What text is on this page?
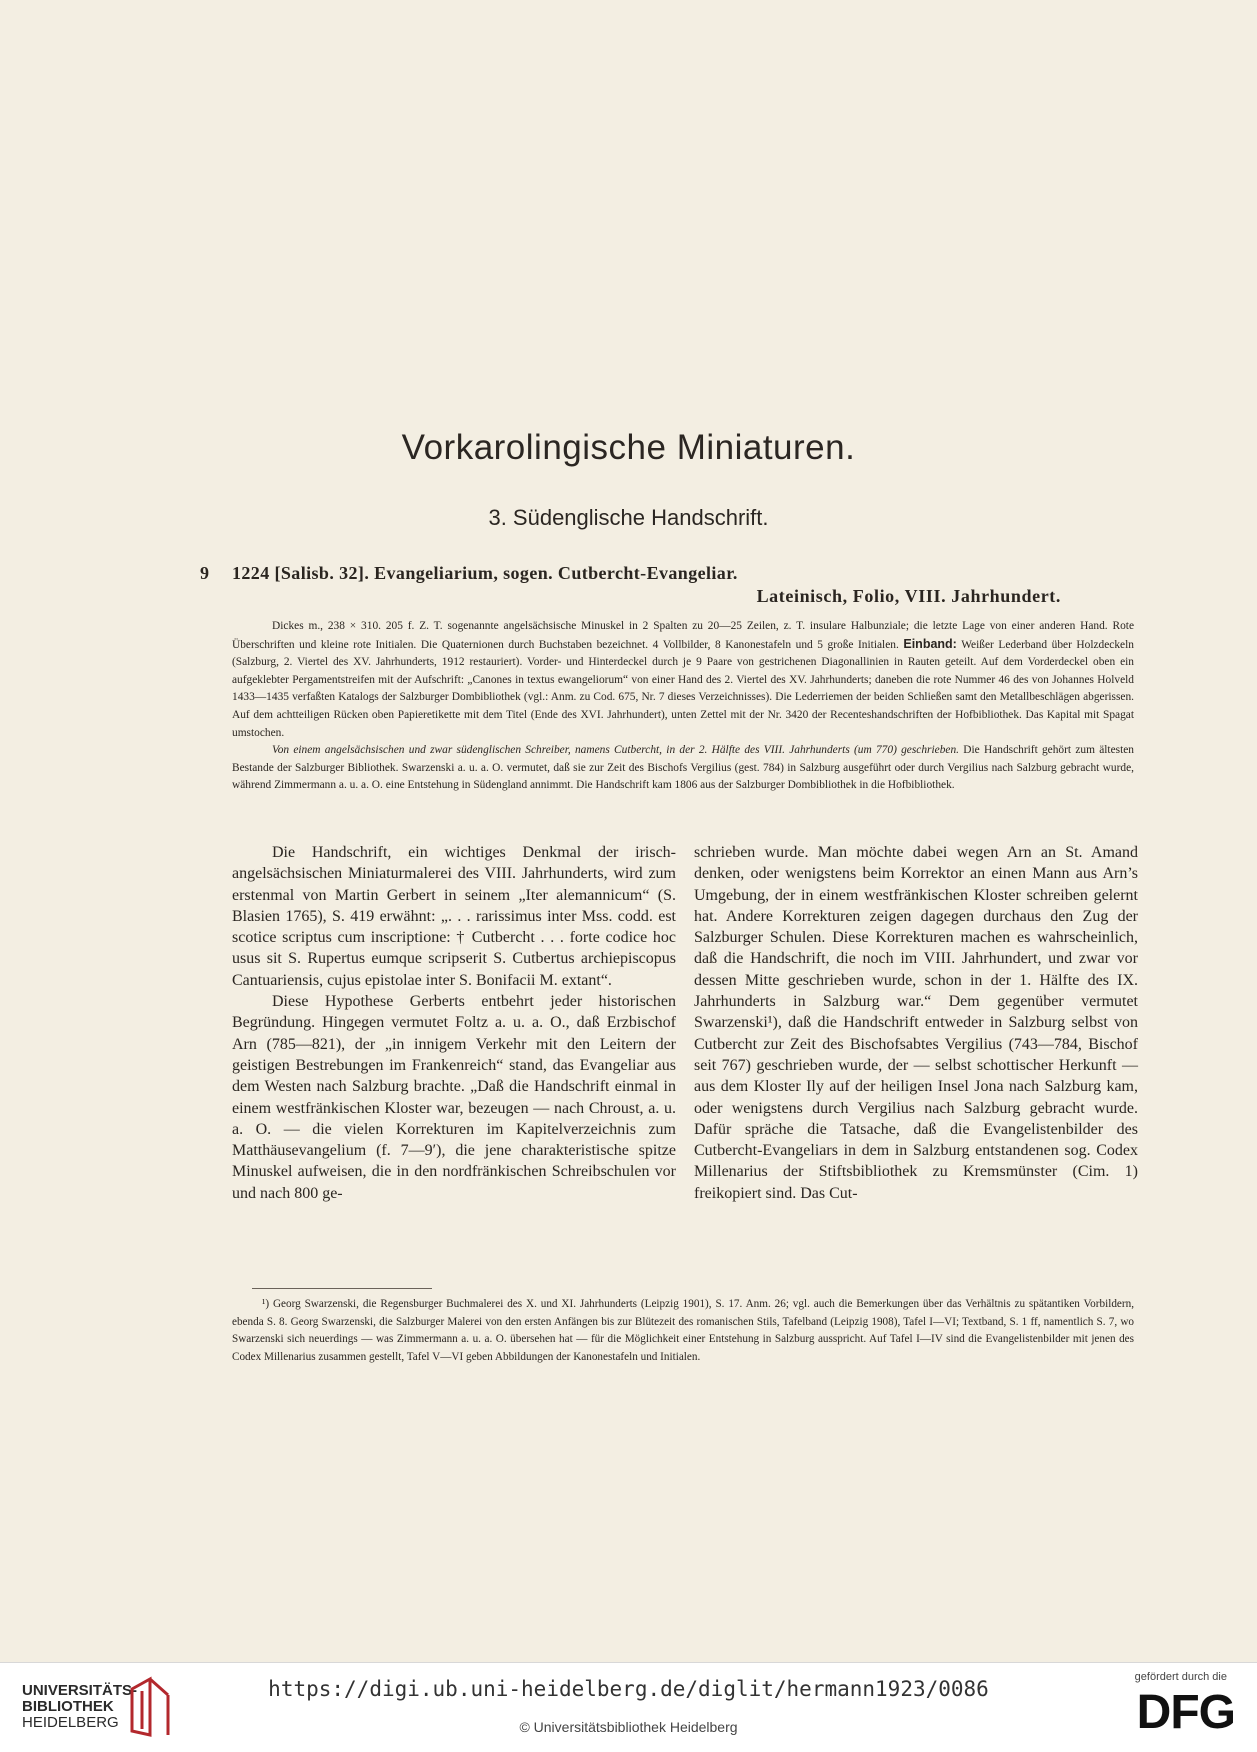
Vorkarolingische Miniaturen.
3. Südenglische Handschrift.
9 1224 [Salisb. 32]. Evangeliarium, sogen. Cutbercht-Evangeliar.
Lateinisch, Folio, VIII. Jahrhundert.

Dickes m., 238 × 310. 205 f. Z. T. sogenannte angelsächsische Minuskel in 2 Spalten zu 20—25 Zeilen, z. T. insulare Halbunziale; die letzte Lage von einer anderen Hand. Rote Überschriften und kleine rote Initialen. Die Quaternionen durch Buchstaben bezeichnet. 4 Vollbilder, 8 Kanonestafeln und 5 große Initialen. Einband: Weißer Lederband über Holzdeckeln (Salzburg, 2. Viertel des XV. Jahrhunderts, 1912 restauriert). Vorder- und Hinterdeckel durch je 9 Paare von gestrichenen Diagonallinien in Rauten geteilt. Auf dem Vorderdeckel oben ein aufgeklebter Pergamentstreifen mit der Aufschrift: „Canones in textus ewangeliorum“ von einer Hand des 2. Viertel des XV. Jahrhunderts; daneben die rote Nummer 46 des von Johannes Holveld 1433—1435 verfaßten Katalogs der Salzburger Dombibliothek (vgl.: Anm. zu Cod. 675, Nr. 7 dieses Verzeichnisses). Die Lederriemen der beiden Schließen samt den Metallbeschlägen abgerissen. Auf dem achtteiligen Rücken oben Papieretikette mit dem Titel (Ende des XVI. Jahrhundert), unten Zettel mit der Nr. 3420 der Recenteshandschriften der Hofbibliothek. Das Kapital mit Spagat umstochen.

Von einem angelsächsischen und zwar südenglischen Schreiber, namens Cutbercht, in der 2. Hälfte des VIII. Jahrhunderts (um 770) geschrieben. Die Handschrift gehört zum ältesten Bestande der Salzburger Bibliothek. Swarzenski a. u. a. O. vermutet, daß sie zur Zeit des Bischofs Vergilius (gest. 784) in Salzburg ausgeführt oder durch Vergilius nach Salzburg gebracht wurde, während Zimmermann a. u. a. O. eine Entstehung in Südengland annimmt. Die Handschrift kam 1806 aus der Salzburger Dombibliothek in die Hofbibliothek.

Die Handschrift, ein wichtiges Denkmal der irisch-angelsächsischen Miniaturmalerei des VIII. Jahrhunderts, wird zum erstenmal von Martin Gerbert in seinem „Iter alemannicum“ (S. Blasien 1765), S. 419 erwähnt: „. . . rarissimus inter Mss. codd. est scotice scriptus cum inscriptione: † Cutbercht . . . forte codice hoc usus sit S. Rupertus eumque scripserit S. Cutbertus archiepiscopus Cantuariensis, cujus epistolae inter S. Bonifacii M. extant“.

Diese Hypothese Gerberts entbehrt jeder historischen Begründung. Hingegen vermutet Foltz a. u. a. O., daß Erzbischof Arn (785—821), der „in innigem Verkehr mit den Leitern der geistigen Bestrebungen im Frankenreich“ stand, das Evangeliar aus dem Westen nach Salzburg brachte. „Daß die Handschrift einmal in einem westfränkischen Kloster war, bezeugen — nach Chroust, a. u. a. O. — die vielen Korrekturen im Kapitelverzeichnis zum Matthäusevangelium (f. 7—9′), die jene charakteristische spitze Minuskel aufweisen, die in den nordfränkischen Schreibschulen vor und nach 800 ge-

schrieben wurde. Man möchte dabei wegen Arn an St. Amand denken, oder wenigstens beim Korrektor an einen Mann aus Arn’s Umgebung, der in einem westfränkischen Kloster schreiben gelernt hat. Andere Korrekturen zeigen dagegen durchaus den Zug der Salzburger Schulen. Diese Korrekturen machen es wahrscheinlich, daß die Handschrift, die noch im VIII. Jahrhundert, und zwar vor dessen Mitte geschrieben wurde, schon in der 1. Hälfte des IX. Jahrhunderts in Salzburg war.“ Dem gegenüber vermutet Swarzenski¹), daß die Handschrift entweder in Salzburg selbst von Cutbercht zur Zeit des Bischofsabtes Vergilius (743—784, Bischof seit 767) geschrieben wurde, der — selbst schottischer Herkunft — aus dem Kloster Ily auf der heiligen Insel Jona nach Salzburg kam, oder wenigstens durch Vergilius nach Salzburg gebracht wurde. Dafür spräche die Tatsache, daß die Evangelistenbilder des Cutbercht-Evangeliars in dem in Salzburg entstandenen sog. Codex Millenarius der Stiftsbibliothek zu Kremsmünster (Cim. 1) freikopiert sind. Das Cut-

¹) Georg Swarzenski, die Regensburger Buchmalerei des X. und XI. Jahrhunderts (Leipzig 1901), S. 17. Anm. 26; vgl. auch die Bemerkungen über das Verhältnis zu spätantiken Vorbildern, ebenda S. 8. Georg Swarzenski, die Salzburger Malerei von den ersten Anfängen bis zur Blütezeit des romanischen Stils, Tafelband (Leipzig 1908), Tafel I—VI; Textband, S. 1 ff, namentlich S. 7, wo Swarzenski sich neuerdings — was Zimmermann a. u. a. O. übersehen hat — für die Möglichkeit einer Entstehung in Salzburg ausspricht. Auf Tafel I—IV sind die Evangelistenbilder mit jenen des Codex Millenarius zusammen gestellt, Tafel V—VI geben Abbildungen der Kanonestafeln und Initialen.
UNIVERSITÄTS-
BIBLIOTHEK
HEIDELBERG
https://digi.ub.uni-heidelberg.de/diglit/hermann1923/0086
© Universitätsbibliothek Heidelberg
gefördert durch die
DFG
